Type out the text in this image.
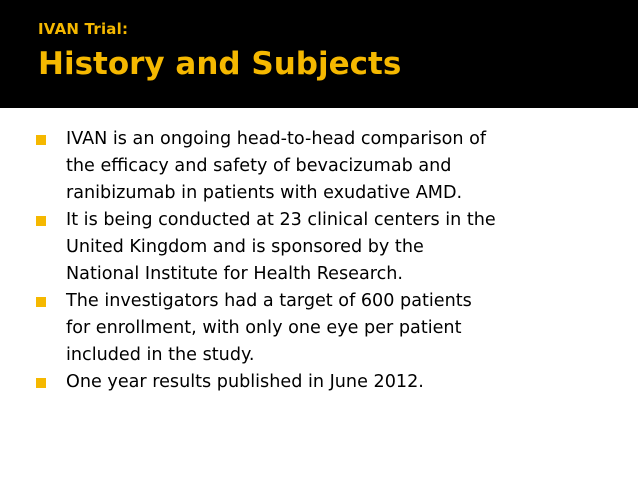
IVAN Trial:
History and Subjects
IVAN is an ongoing head-to-head comparison of
the efficacy and safety of bevacizumab and
ranibizumab in patients with exudative AMD.
It is being conducted at 23 clinical centers in the
United Kingdom and is sponsored by the
National Institute for Health Research.
The investigators had a target of 600 patients
for enrollment, with only one eye per patient
included in the study.
One year results published in June 2012.
